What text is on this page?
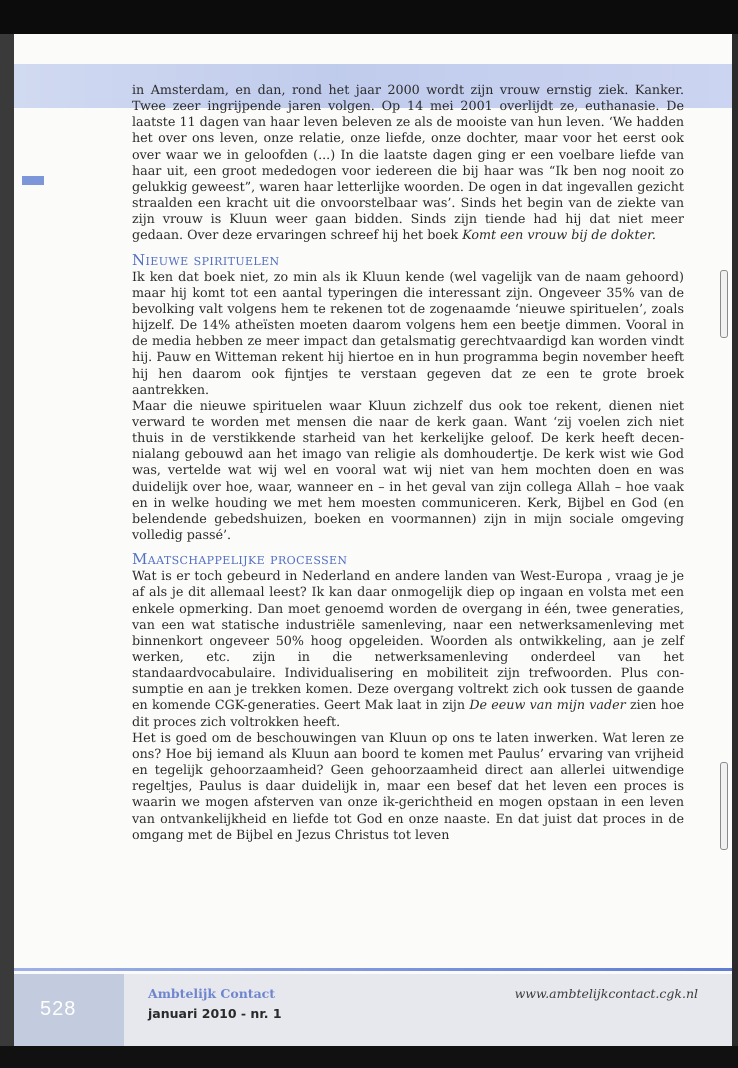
528
Ambtelijk Contact
januari 2010 - nr. 1
www.ambtelijkcontact.cgk.nl

in Amsterdam, en dan, rond het jaar 2000 wordt zijn vrouw ernstig ziek. Kanker. Twee zeer ingrijpende jaren volgen. Op 14 mei 2001 overlijdt ze, euthanasie. De laatste 11 dagen van haar leven beleven ze als de mooiste van hun leven. ‘We hadden het over ons leven, onze relatie, onze liefde, onze dochter, maar voor het eerst ook over waar we in geloofden (...) In die laatste dagen ging er een voelbare liefde van haar uit, een groot mededogen voor iedereen die bij haar was “Ik ben nog nooit zo gelukkig geweest”, waren haar letterlijke woorden. De ogen in dat ingevallen gezicht straalden een kracht uit die onvoorstelbaar was’. Sinds het begin van de ziekte van zijn vrouw is Kluun weer gaan bidden. Sinds zijn tiende had hij dat niet meer gedaan. Over deze ervaringen schreef hij het boek Komt een vrouw bij de dokter.

Nieuwe spirituelen

Ik ken dat boek niet, zo min als ik Kluun kende (wel vagelijk van de naam gehoord) maar hij komt tot een aantal typeringen die interessant zijn. Ongeveer 35% van de bevolking valt volgens hem te rekenen tot de zogenaamde ‘nieuwe spirituelen’, zoals hijzelf. De 14% atheïsten moeten daarom volgens hem een beetje dimmen. Vooral in de media hebben ze meer impact dan getalsmatig gerechtvaardigd kan worden vindt hij. Pauw en Witteman rekent hij hiertoe en in hun programma begin november heeft hij hen daarom ook fijntjes te verstaan gegeven dat ze een te grote broek aantrekken.

Maar die nieuwe spirituelen waar Kluun zichzelf dus ook toe rekent, dienen niet verward te worden met mensen die naar de kerk gaan. Want ‘zij voelen zich niet thuis in de verstikkende starheid van het kerkelijke geloof. De kerk heeft decennialang gebouwd aan het imago van religie als domhoudertje. De kerk wist wie God was, vertelde wat wij wel en vooral wat wij niet van hem mochten doen en was duidelijk over hoe, waar, wanneer en – in het geval van zijn collega Allah – hoe vaak en in welke houding we met hem moesten communiceren. Kerk, Bijbel en God (en belendende gebedshuizen, boeken en voormannen) zijn in mijn sociale omgeving volledig passé’.

Maatschappelijke processen

Wat is er toch gebeurd in Nederland en andere landen van West-Europa , vraag je je af als je dit allemaal leest? Ik kan daar onmogelijk diep op ingaan en volsta met een enkele opmerking. Dan moet genoemd worden de overgang in één, twee generaties, van een wat statische industriële samenleving, naar een netwerksamenleving met binnenkort ongeveer 50% hoog opgeleiden. Woorden als ontwikkeling, aan je zelf werken, etc. zijn in die netwerksamenleving onderdeel van het standaardvocabulaire. Individualisering en mobiliteit zijn trefwoorden. Plus consumptie en aan je trekken komen. Deze overgang voltrekt zich ook tussen de gaande en komende CGK-generaties. Geert Mak laat in zijn De eeuw van mijn vader zien hoe dit proces zich voltrokken heeft.

Het is goed om de beschouwingen van Kluun op ons te laten inwerken. Wat leren ze ons? Hoe bij iemand als Kluun aan boord te komen met Paulus’ ervaring van vrijheid en tegelijk gehoorzaamheid? Geen gehoorzaamheid direct aan allerlei uitwendige regeltjes, Paulus is daar duidelijk in, maar een besef dat het leven een proces is waarin we mogen afsterven van onze ik-gerichtheid en mogen opstaan in een leven van ontvankelijkheid en liefde tot God en onze naaste. En dat juist dat proces in de omgang met de Bijbel en Jezus Christus tot leven
